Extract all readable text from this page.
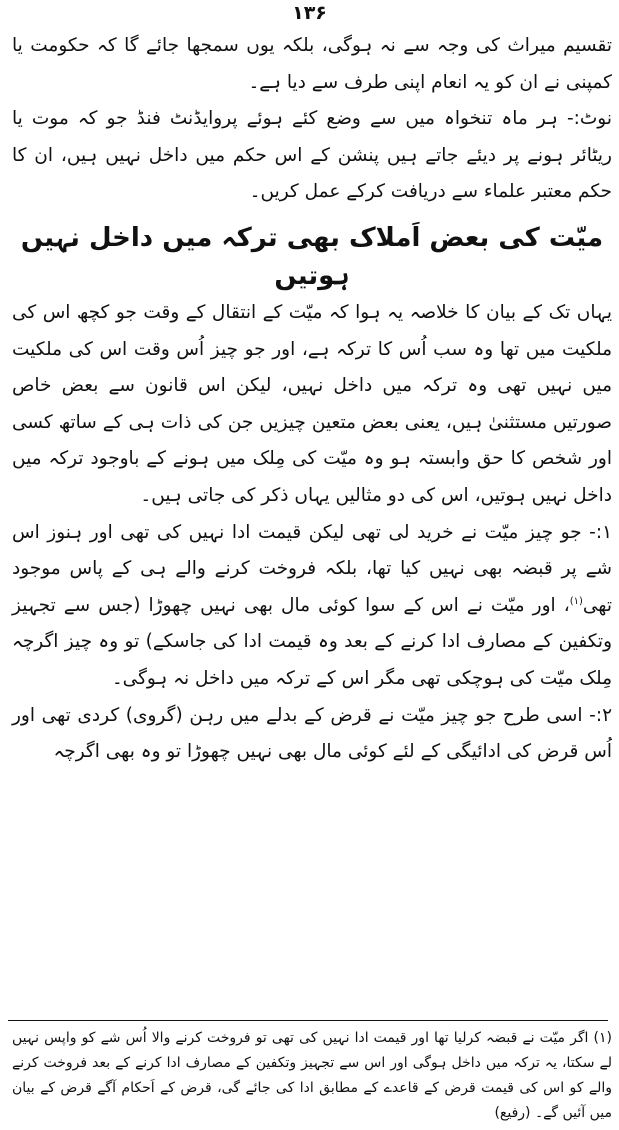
۱۳۶

تقسیم میراث کی وجہ سے نہ ہوگی، بلکہ یوں سمجھا جائے گا کہ حکومت یا کمپنی نے ان کو یہ انعام اپنی طرف سے دیا ہے۔

نوٹ:- ہر ماہ تنخواہ میں سے وضع کئے ہوئے پروایڈنٹ فنڈ جو کہ موت یا ریٹائر ہونے پر دیئے جاتے ہیں پنشن کے اس حکم میں داخل نہیں ہیں، ان کا حکم معتبر علماء سے دریافت کرکے عمل کریں۔

میّت کی بعض اَملاک بھی ترکہ میں داخل نہیں ہوتیں

یہاں تک کے بیان کا خلاصہ یہ ہوا کہ میّت کے انتقال کے وقت جو کچھ اس کی ملکیت میں تھا وہ سب اُس کا ترکہ ہے، اور جو چیز اُس وقت اس کی ملکیت میں نہیں تھی وہ ترکہ میں داخل نہیں، لیکن اس قانون سے بعض خاص صورتیں مستثنیٰ ہیں، یعنی بعض متعین چیزیں جن کی ذات ہی کے ساتھ کسی اور شخص کا حق وابستہ ہو وہ میّت کی مِلک میں ہونے کے باوجود ترکہ میں داخل نہیں ہوتیں، اس کی دو مثالیں یہاں ذکر کی جاتی ہیں۔

۱:- جو چیز میّت نے خرید لی تھی لیکن قیمت ادا نہیں کی تھی اور ہنوز اس شے پر قبضہ بھی نہیں کیا تھا، بلکہ فروخت کرنے والے ہی کے پاس موجود تھی$^{(۱)}$، اور میّت نے اس کے سوا کوئی مال بھی نہیں چھوڑا (جس سے تجہیز وتکفین کے مصارف ادا کرنے کے بعد وہ قیمت ادا کی جاسکے) تو وہ چیز اگرچہ مِلک میّت کی ہوچکی تھی مگر اس کے ترکہ میں داخل نہ ہوگی۔

۲:- اسی طرح جو چیز میّت نے قرض کے بدلے میں رہن (گروی) کردی تھی اور اُس قرض کی ادائیگی کے لئے کوئی مال بھی نہیں چھوڑا تو وہ بھی اگرچہ

(۱) اگر میّت نے قبضہ کرلیا تھا اور قیمت ادا نہیں کی تھی تو فروخت کرنے والا اُس شے کو واپس نہیں لے سکتا، یہ ترکہ میں داخل ہوگی اور اس سے تجہیز وتکفین کے مصارف ادا کرنے کے بعد فروخت کرنے والے کو اس کی قیمت قرض کے قاعدے کے مطابق ادا کی جائے گی، قرض کے اَحکام آگے قرض کے بیان میں آئیں گے۔ (رفیع)
